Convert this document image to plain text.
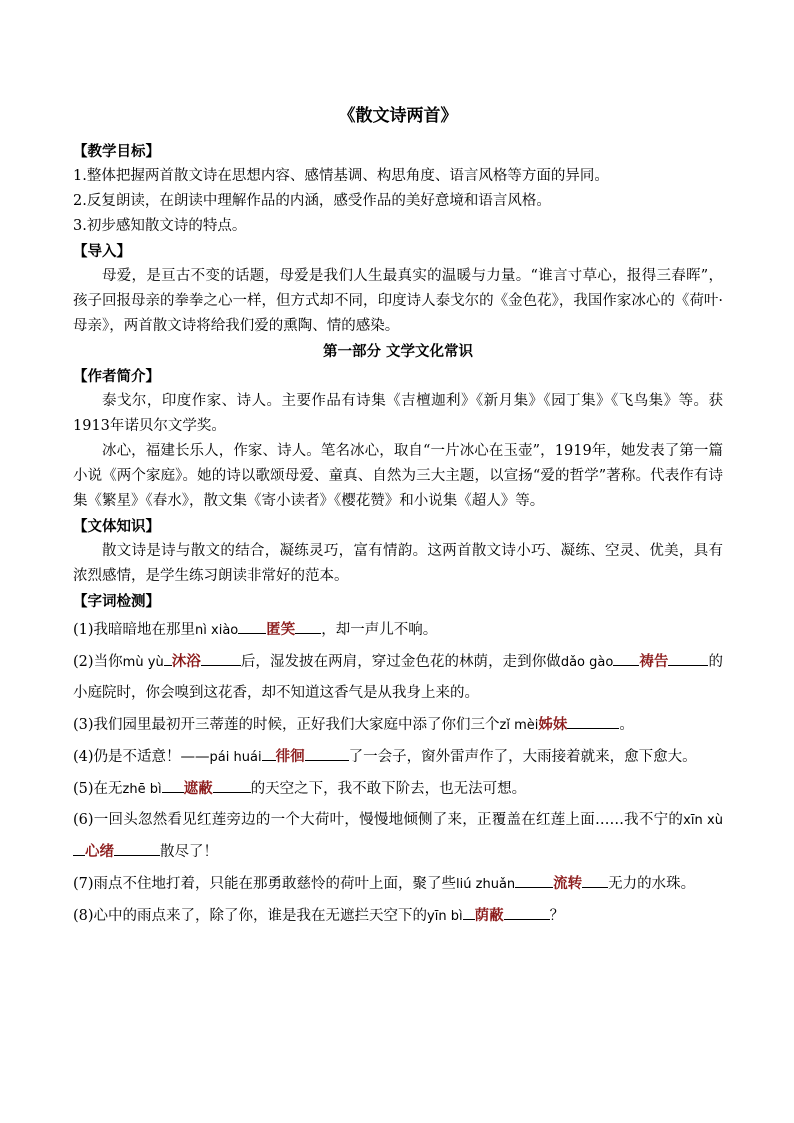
《散文诗两首》
【教学目标】
1.整体把握两首散文诗在思想内容、感情基调、构思角度、语言风格等方面的异同。
2.反复朗读，在朗读中理解作品的内涵，感受作品的美好意境和语言风格。
3.初步感知散文诗的特点。
【导入】
母爱，是亘古不变的话题，母爱是我们人生最真实的温暖与力量。“谁言寸草心，报得三春晖”，孩子回报母亲的拳拳之心一样，但方式却不同，印度诗人泰戈尔的《金色花》，我国作家冰心的《荷叶·母亲》，两首散文诗将给我们爱的熏陶、情的感染。
第一部分 文学文化常识
【作者简介】
泰戈尔，印度作家、诗人。主要作品有诗集《吉檀迦利》《新月集》《园丁集》《飞鸟集》等。获1913年诺贝尔文学奖。
冰心，福建长乐人，作家、诗人。笔名冰心，取自“一片冰心在玉壶”，1919年，她发表了第一篇小说《两个家庭》。她的诗以歌颂母爱、童真、自然为三大主题，以宣扬“爱的哲学”著称。代表作有诗集《繁星》《春水》，散文集《寄小读者》《樱花赞》和小说集《超人》等。
【文体知识】
散文诗是诗与散文的结合，凝练灵巧，富有情韵。这两首散文诗小巧、凝练、空灵、优美，具有浓烈感情，是学生练习朗读非常好的范本。
【字词检测】
(1)我暗暗地在那里nì xiào 匿笑 ，却一声儿不响。
(2)当你mù yù 沐浴	后，湿发披在两肩，穿过金色花的林荫，走到你做dǎo gào 祷告	的小庭院时，你会嗅到这花香，却不知道这香气是从我身上来的。
(3)我们园里最初开三蒂莲的时候，正好我们大家庭中添了你们三个zǐ mèi姊妹	。
(4)仍是不适意！——pái huái 徘徊	了一会子，窗外雷声作了，大雨接着就来，愈下愈大。
(5)在无zhē bì 遮蔽	的天空之下，我不敢下阶去，也无法可想。
(6)一回头忽然看见红莲旁边的一个大荷叶，慢慢地倾侧了来，正覆盖在红莲上面……我不宁的xīn xù心绪	散尽了！
(7)雨点不住地打着，只能在那勇敢慈怜的荷叶上面，聚了些liú zhuǎn	流转 无力的水珠。
(8)心中的雨点来了，除了你，谁是我在无遮拦天空下的yīn bì 荫蔽	？
